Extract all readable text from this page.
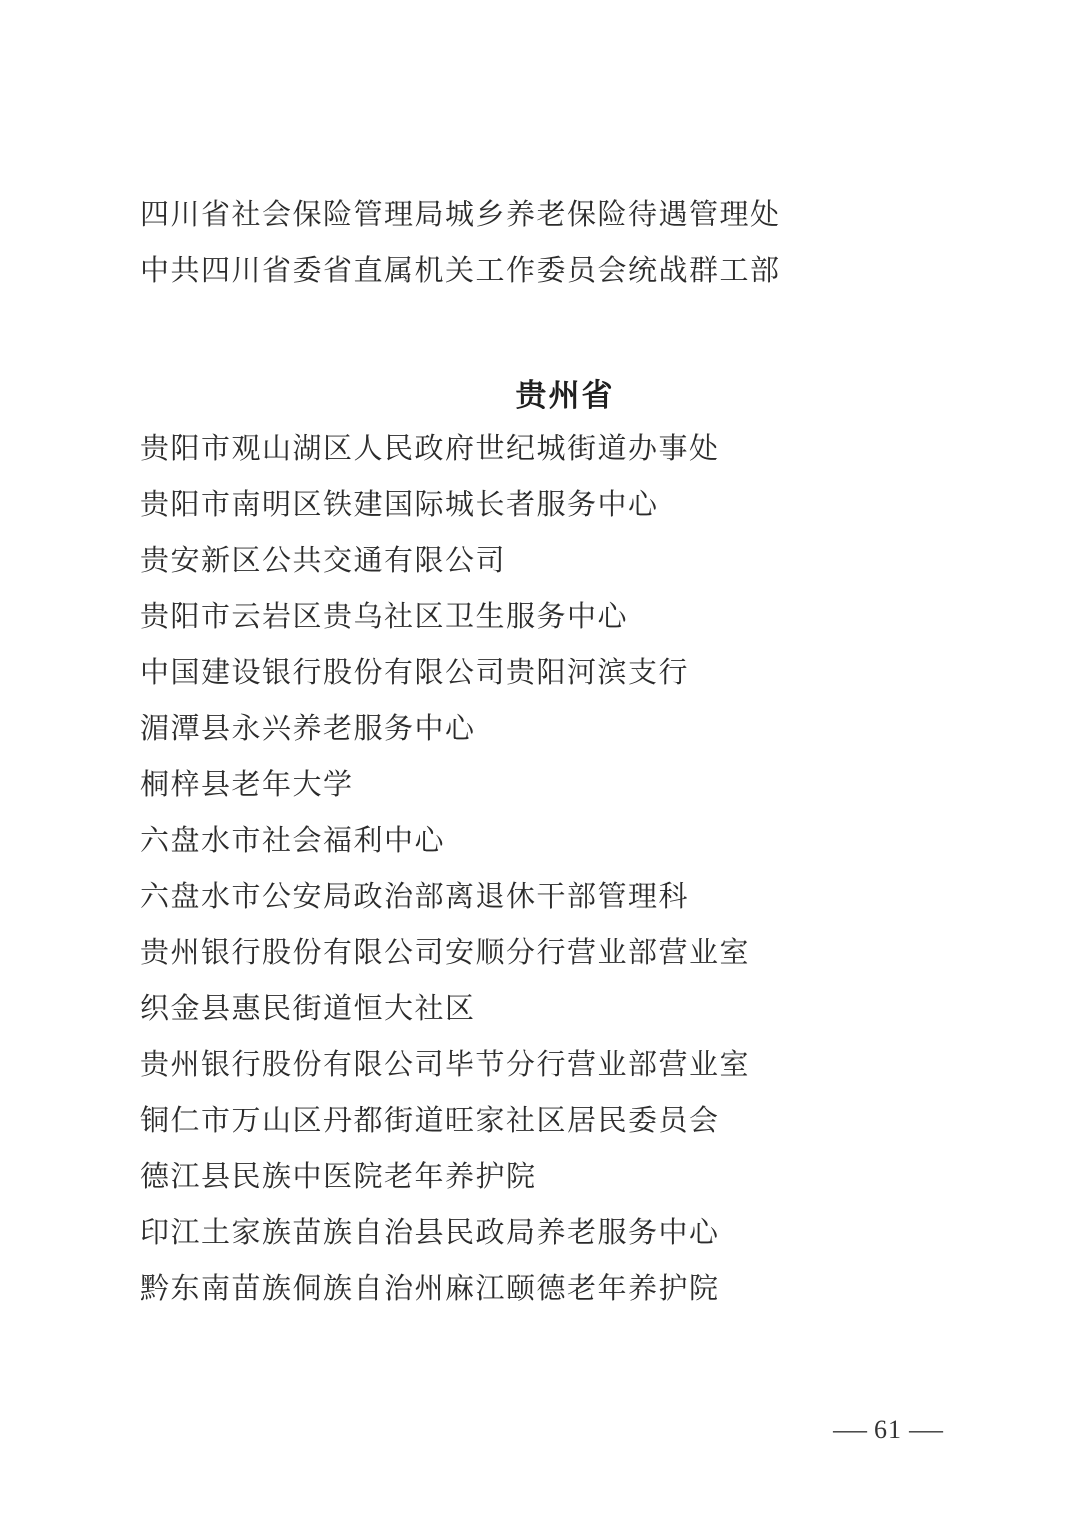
四川省社会保险管理局城乡养老保险待遇管理处

中共四川省委省直属机关工作委员会统战群工部

贵州省

贵阳市观山湖区人民政府世纪城街道办事处

贵阳市南明区铁建国际城长者服务中心

贵安新区公共交通有限公司

贵阳市云岩区贵乌社区卫生服务中心

中国建设银行股份有限公司贵阳河滨支行

湄潭县永兴养老服务中心

桐梓县老年大学

六盘水市社会福利中心

六盘水市公安局政治部离退休干部管理科

贵州银行股份有限公司安顺分行营业部营业室

织金县惠民街道恒大社区

贵州银行股份有限公司毕节分行营业部营业室

铜仁市万山区丹都街道旺家社区居民委员会

德江县民族中医院老年养护院

印江土家族苗族自治县民政局养老服务中心

黔东南苗族侗族自治州麻江颐德老年养护院

— 61 —
